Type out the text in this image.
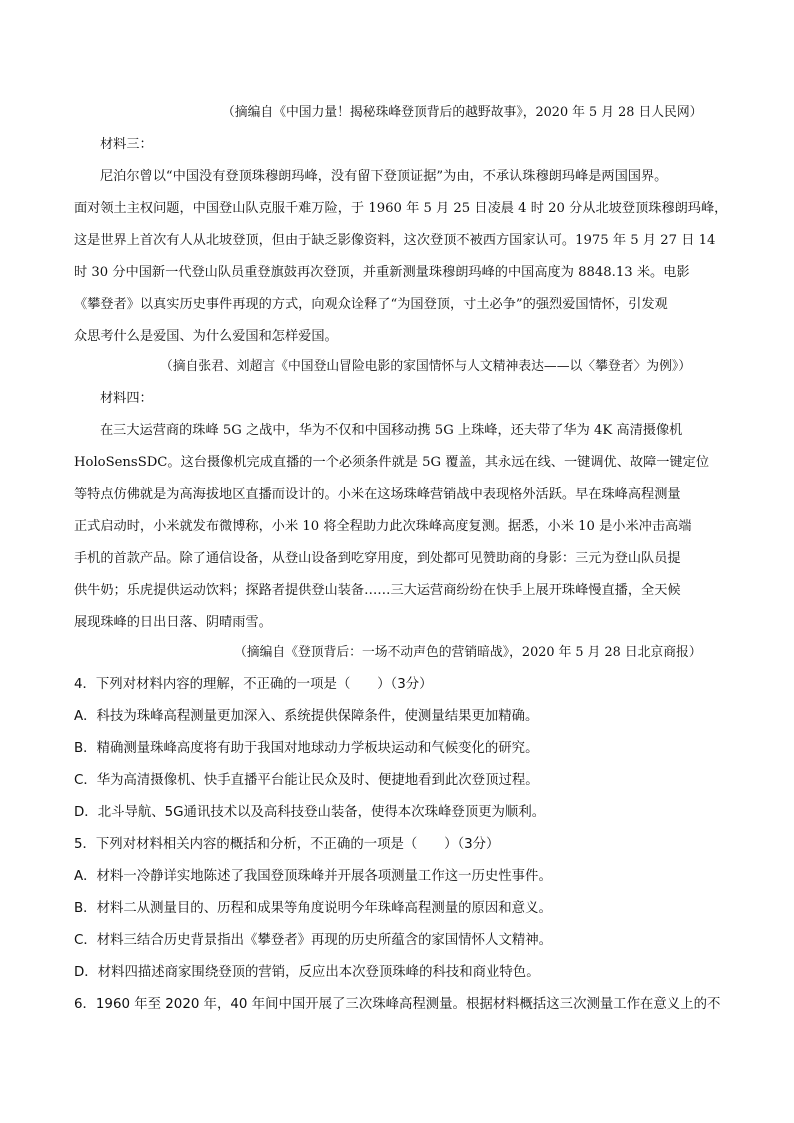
（摘编自《中国力量！揭秘珠峰登顶背后的越野故事》，2020 年 5 月 28 日人民网）
材料三：
尼泊尔曾以“中国没有登顶珠穆朗玛峰，没有留下登顶证据”为由，不承认珠穆朗玛峰是两国国界。
面对领土主权问题，中国登山队克服千难万险，于 1960 年 5 月 25 日凌晨 4 时 20 分从北坡登顶珠穆朗玛峰，
这是世界上首次有人从北坡登顶，但由于缺乏影像资料，这次登顶不被西方国家认可。1975 年 5 月 27 日 14
时 30 分中国新一代登山队员重登旗鼓再次登顶，并重新测量珠穆朗玛峰的中国高度为 8848.13 米。电影
《攀登者》以真实历史事件再现的方式，向观众诠释了“为国登顶，寸土必争”的强烈爱国情怀，引发观
众思考什么是爱国、为什么爱国和怎样爱国。
（摘自张君、刘超言《中国登山冒险电影的家国情怀与人文精神表达——以〈攀登者〉为例》）
材料四：
在三大运营商的珠峰 5G 之战中，华为不仅和中国移动携 5G 上珠峰，还夫带了华为 4K 高清摄像机
HoloSensSDC。这台摄像机完成直播的一个必须条件就是 5G 覆盖，其永远在线、一键调优、故障一键定位
等特点仿佛就是为高海拔地区直播而设计的。小米在这场珠峰营销战中表现格外活跃。早在珠峰高程测量
正式启动时，小米就发布微博称，小米 10 将全程助力此次珠峰高度复测。据悉，小米 10 是小米冲击高端
手机的首款产品。除了通信设备，从登山设备到吃穿用度，到处都可见赞助商的身影：三元为登山队员提
供牛奶；乐虎提供运动饮料；探路者提供登山装备……三大运营商纷纷在快手上展开珠峰慢直播，全天候
展现珠峰的日出日落、阴晴雨雪。
（摘编自《登顶背后：一场不动声色的营销暗战》，2020 年 5 月 28 日北京商报）
4．下列对材料内容的理解，不正确的一项是（　　）（3分）
A．科技为珠峰高程测量更加深入、系统提供保障条件，使测量结果更加精确。
B．精确测量珠峰高度将有助于我国对地球动力学板块运动和气候变化的研究。
C．华为高清摄像机、快手直播平台能让民众及时、便捷地看到此次登顶过程。
D．北斗导航、5G通讯技术以及高科技登山装备，使得本次珠峰登顶更为顺利。
5．下列对材料相关内容的概括和分析，不正确的一项是（　　）（3分）
A．材料一冷静详实地陈述了我国登顶珠峰并开展各项测量工作这一历史性事件。
B．材料二从测量目的、历程和成果等角度说明今年珠峰高程测量的原因和意义。
C．材料三结合历史背景指出《攀登者》再现的历史所蕴含的家国情怀人文精神。
D．材料四描述商家围绕登顶的营销，反应出本次登顶珠峰的科技和商业特色。
6．1960 年至 2020 年，40 年间中国开展了三次珠峰高程测量。根据材料概括这三次测量工作在意义上的不
